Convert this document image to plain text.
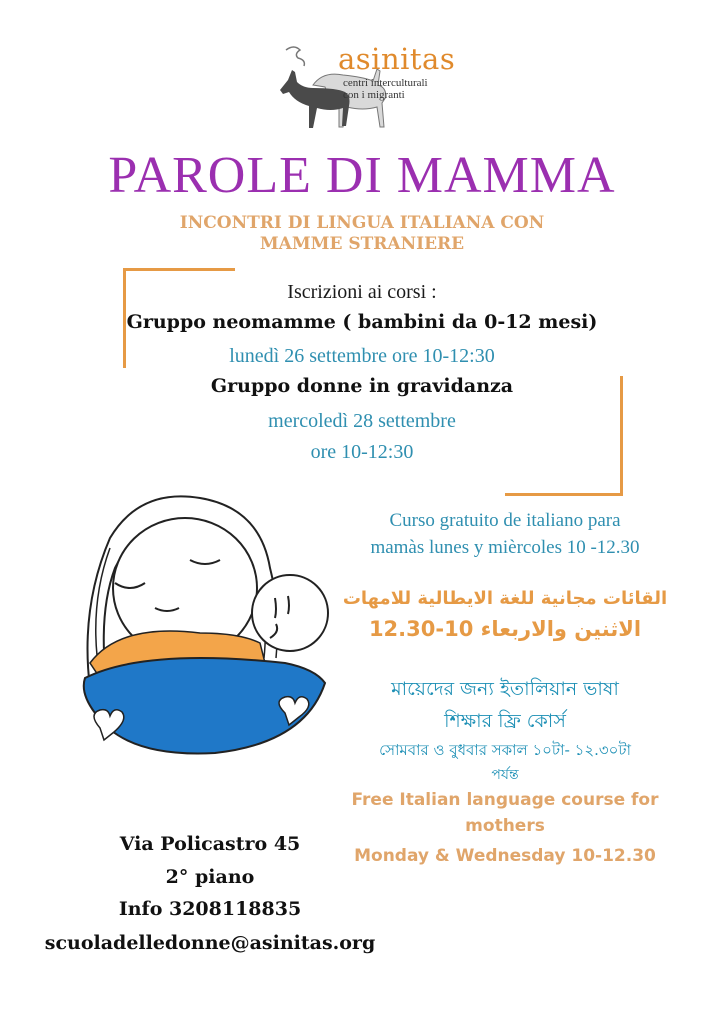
asinitas
centri interculturali
con i migranti
PAROLE DI MAMMA
INCONTRI DI LINGUA ITALIANA CON
MAMME STRANIERE
Iscrizioni ai corsi :
Gruppo neomamme ( bambini da 0-12 mesi)
lunedì 26 settembre ore 10-12:30
Gruppo donne in gravidanza
mercoledì 28 settembre
ore 10-12:30
Curso gratuito de italiano para
mamàs lunes y mièrcoles 10 -12.30
القائات مجانية للغة الايطالية للامهات
الاثنين والاربعاء 10-12.30
মায়েদের জন্য ইতালিয়ান ভাষা
শিক্ষার ফ্রি কোর্স
সোমবার ও বুধবার সকাল ১০টা- ১২.৩০টা
পর্যন্ত
Free Italian language course for
mothers
Monday & Wednesday 10-12.30
Via Policastro 45
2° piano
Info 3208118835
scuoladelledonne@asinitas.org
